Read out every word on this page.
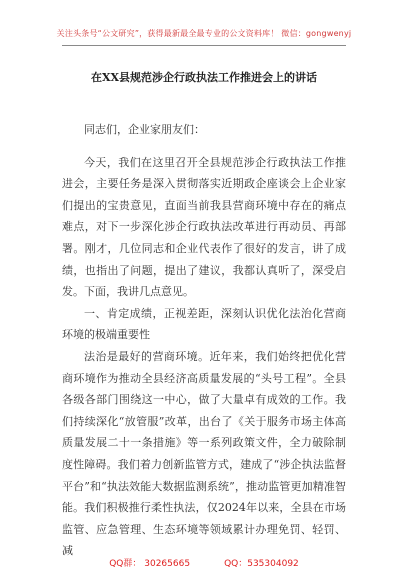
关注头条号“公文研究”，获得最新最全最专业的公文资料库！ 微信：gongwenyj
在XX县规范涉企行政执法工作推进会上的讲话

同志们，企业家朋友们：

今天，我们在这里召开全县规范涉企行政执法工作推进会，主要任务是深入贯彻落实近期政企座谈会上企业家们提出的宝贵意见，直面当前我县营商环境中存在的痛点难点，对下一步深化涉企行政执法改革进行再动员、再部署。刚才，几位同志和企业代表作了很好的发言，讲了成绩，也指出了问题，提出了建议，我都认真听了，深受启发。下面，我讲几点意见。

一、肯定成绩，正视差距，深刻认识优化法治化营商环境的极端重要性

法治是最好的营商环境。近年来，我们始终把优化营商环境作为推动全县经济高质量发展的“头号工程”。全县各级各部门围绕这一中心，做了大量卓有成效的工作。我们持续深化“放管服”改革，出台了《关于服务市场主体高质量发展二十一条措施》等一系列政策文件，全力破除制度性障碍。我们着力创新监管方式，建成了“涉企执法监督平台”和“执法效能大数据监测系统”，推动监管更加精准智能。我们积极推行柔性执法，仅2024年以来，全县在市场监管、应急管理、生态环境等领域累计办理免罚、轻罚、减

QQ群： 30265665	QQ：535304092
